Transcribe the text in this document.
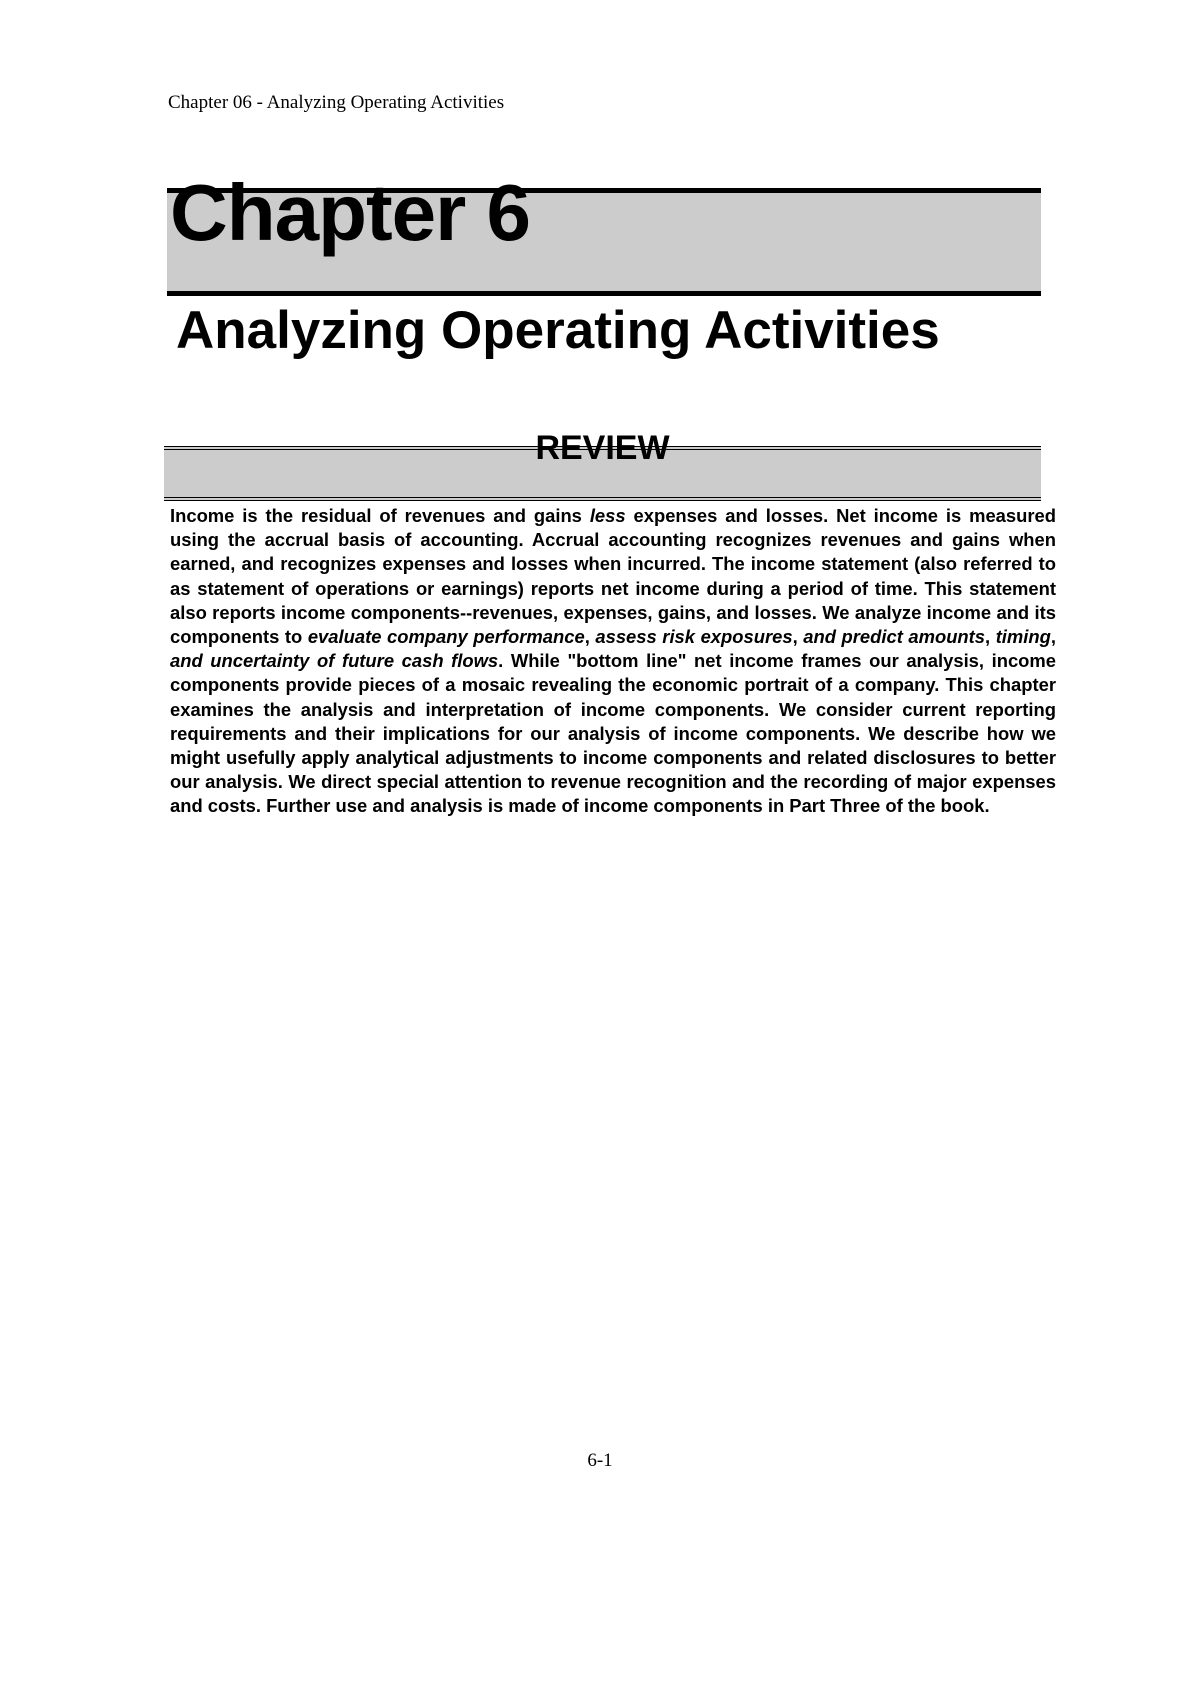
Chapter 06 - Analyzing Operating Activities
Chapter 6
Analyzing Operating Activities
REVIEW

Income is the residual of revenues and gains less expenses and losses. Net income is measured using the accrual basis of accounting. Accrual accounting recognizes revenues and gains when earned, and recognizes expenses and losses when incurred. The income statement (also referred to as statement of operations or earnings) reports net income during a period of time. This statement also reports income components--revenues, expenses, gains, and losses. We analyze income and its components to evaluate company performance, assess risk exposures, and predict amounts, timing, and uncertainty of future cash flows. While "bottom line" net income frames our analysis, income components provide pieces of a mosaic revealing the economic portrait of a company. This chapter examines the analysis and interpretation of income components. We consider current reporting requirements and their implications for our analysis of income components. We describe how we might usefully apply analytical adjustments to income components and related disclosures to better our analysis. We direct special attention to revenue recognition and the recording of major expenses and costs. Further use and analysis is made of income components in Part Three of the book.

6-1
